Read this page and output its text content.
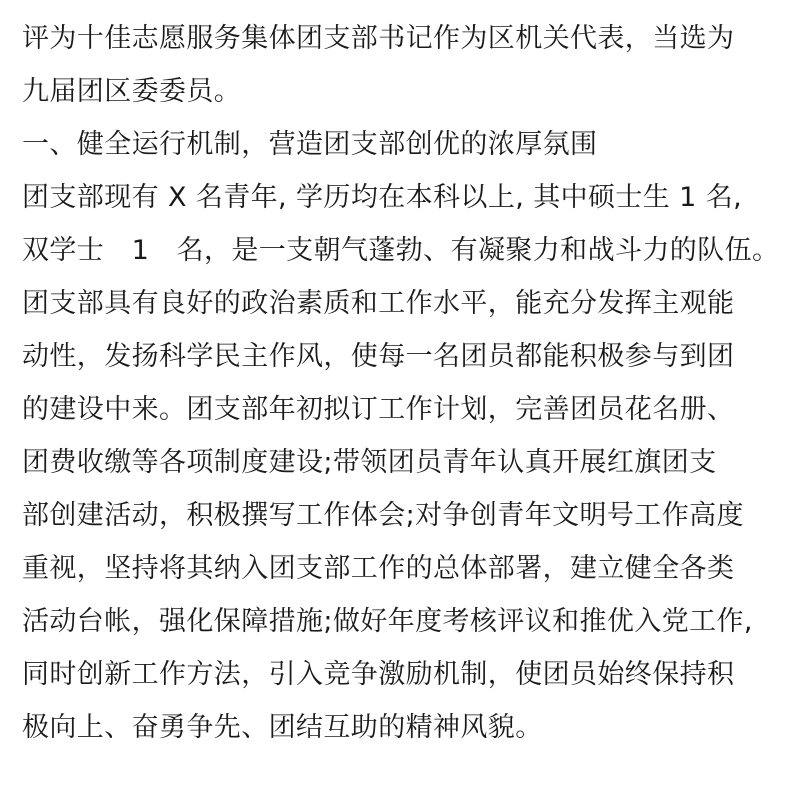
评为十佳志愿服务集体团支部书记作为区机关代表，当选为
九届团区委委员。
一、健全运行机制，营造团支部创优的浓厚氛围
团支部现有 X 名青年, 学历均在本科以上, 其中硕士生 1 名,
双学士　1　名，是一支朝气蓬勃、有凝聚力和战斗力的队伍。
团支部具有良好的政治素质和工作水平，能充分发挥主观能
动性，发扬科学民主作风，使每一名团员都能积极参与到团
的建设中来。团支部年初拟订工作计划，完善团员花名册、
团费收缴等各项制度建设;带领团员青年认真开展红旗团支
部创建活动，积极撰写工作体会;对争创青年文明号工作高度
重视，坚持将其纳入团支部工作的总体部署，建立健全各类
活动台帐，强化保障措施;做好年度考核评议和推优入党工作,
同时创新工作方法，引入竞争激励机制，使团员始终保持积
极向上、奋勇争先、团结互助的精神风貌。
